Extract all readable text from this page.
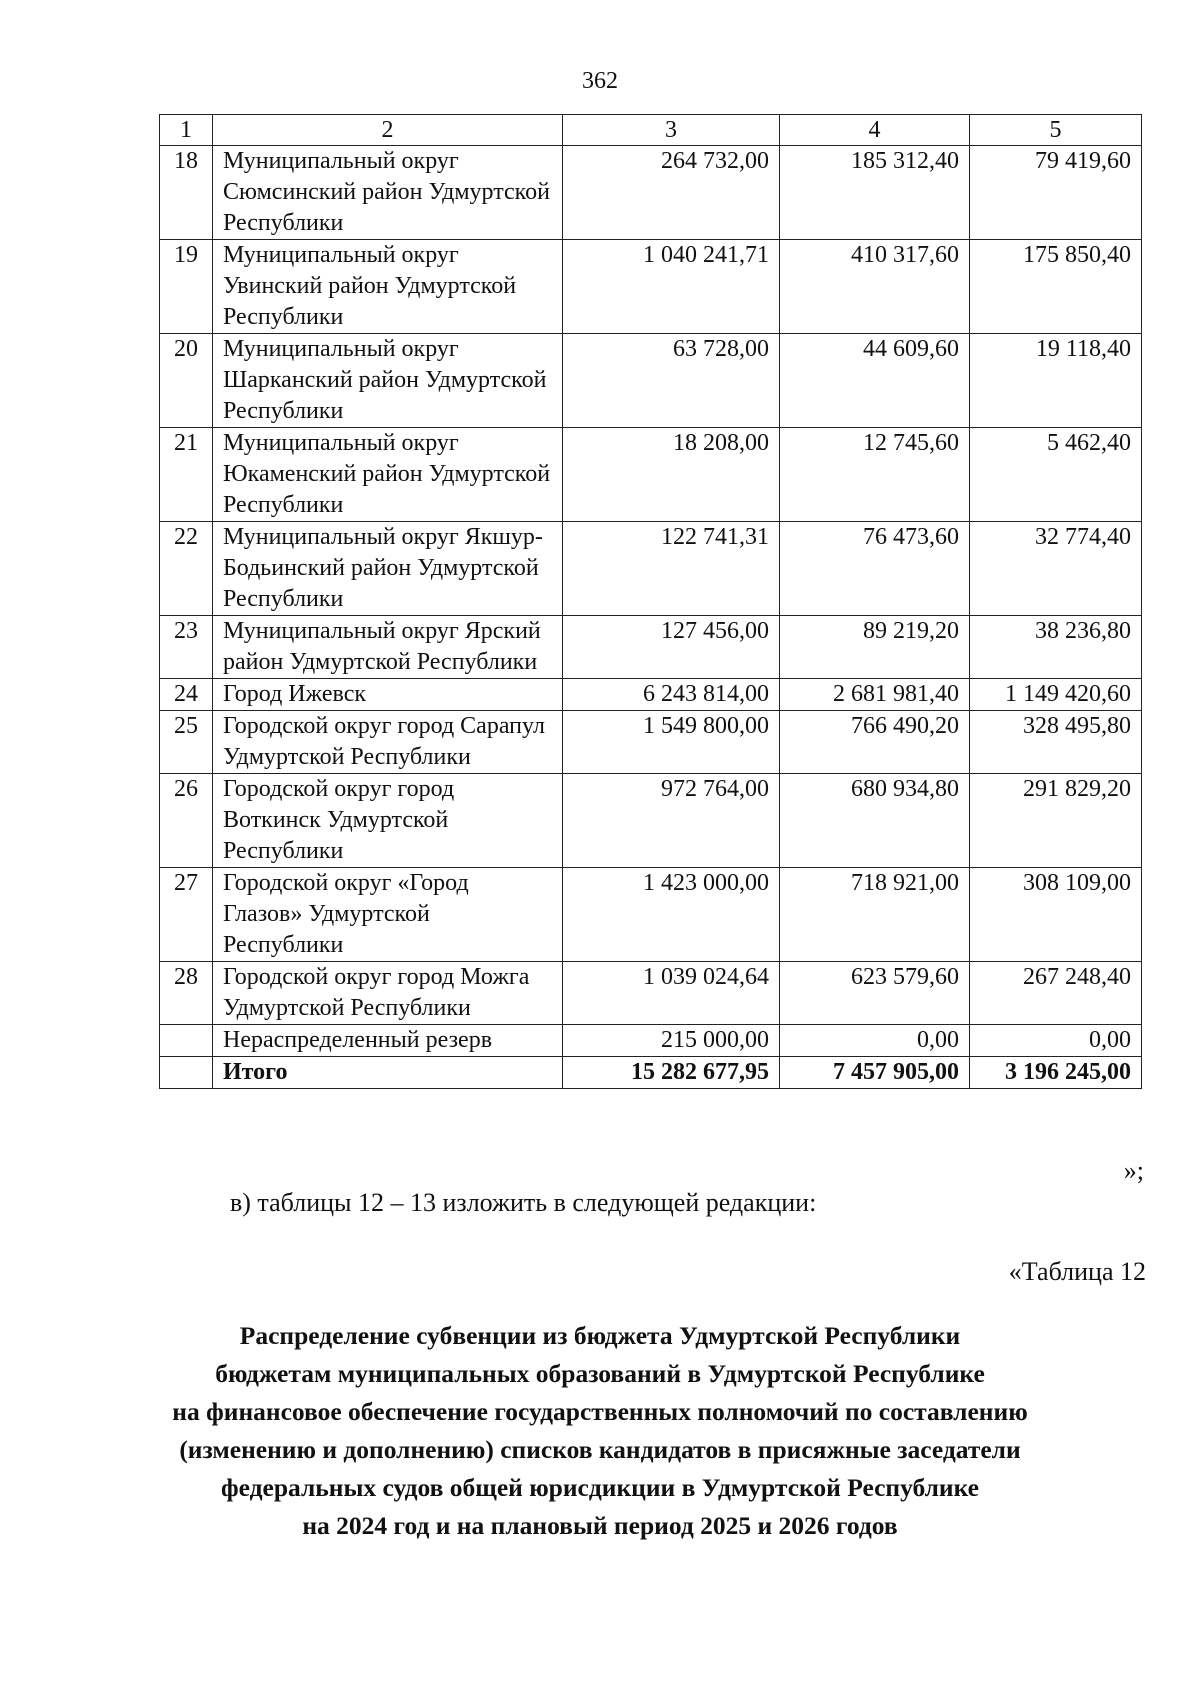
362
1	2	3	4	5
18	Муниципальный округ Сюмсинский район Удмуртской Республики	264 732,00	185 312,40	79 419,60
19	Муниципальный округ Увинский район Удмуртской Республики	1 040 241,71	410 317,60	175 850,40
20	Муниципальный округ Шарканский район Удмуртской Республики	63 728,00	44 609,60	19 118,40
21	Муниципальный округ Юкаменский район Удмуртской Республики	18 208,00	12 745,60	5 462,40
22	Муниципальный округ Якшур-Бодьинский район Удмуртской Республики	122 741,31	76 473,60	32 774,40
23	Муниципальный округ Ярский район Удмуртской Республики	127 456,00	89 219,20	38 236,80
24	Город Ижевск	6 243 814,00	2 681 981,40	1 149 420,60
25	Городской округ город Сарапул Удмуртской Республики	1 549 800,00	766 490,20	328 495,80
26	Городской округ город Воткинск Удмуртской Республики	972 764,00	680 934,80	291 829,20
27	Городской округ «Город Глазов» Удмуртской Республики	1 423 000,00	718 921,00	308 109,00
28	Городской округ город Можга Удмуртской Республики	1 039 024,64	623 579,60	267 248,40
	Нераспределенный резерв	215 000,00	0,00	0,00
	Итого	15 282 677,95	7 457 905,00	3 196 245,00
»;
в) таблицы 12 – 13 изложить в следующей редакции:
«Таблица 12
Распределение субвенции из бюджета Удмуртской Республики
бюджетам муниципальных образований в Удмуртской Республике
на финансовое обеспечение государственных полномочий по составлению
(изменению и дополнению) списков кандидатов в присяжные заседатели
федеральных судов общей юрисдикции в Удмуртской Республике
на 2024 год и на плановый период 2025 и 2026 годов
